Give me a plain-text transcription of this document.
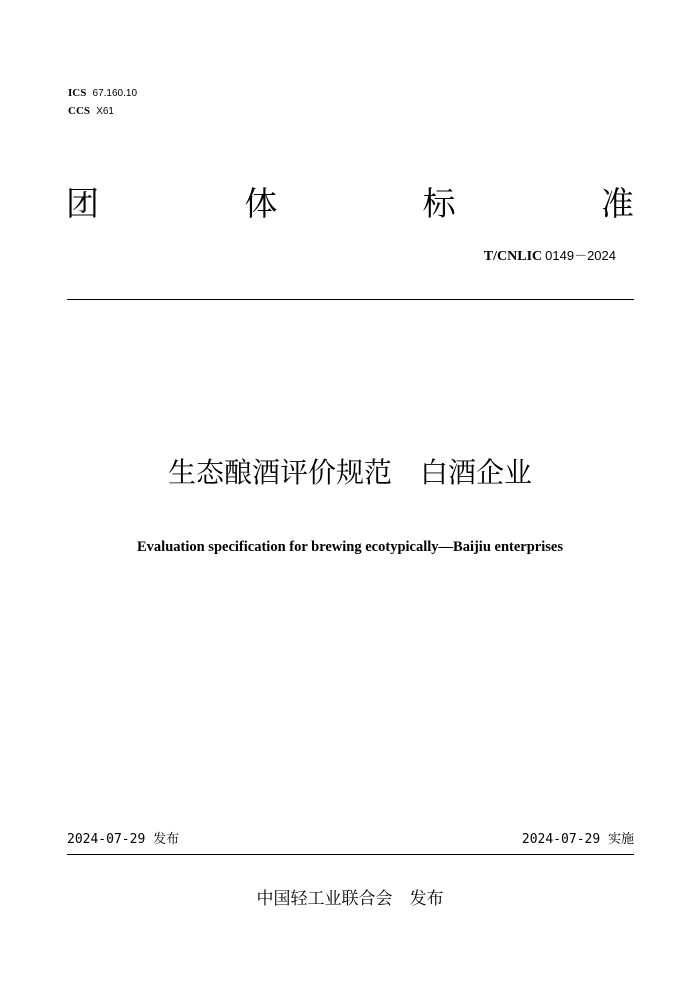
ICS 67.160.10
CCS X61
团	体	标	准
T/CNLIC 0149－2024
生态酿酒评价规范　白酒企业
Evaluation specification for brewing ecotypically—Baijiu enterprises
2024-07-29 发布	2024-07-29 实施
中国轻工业联合会　发布
